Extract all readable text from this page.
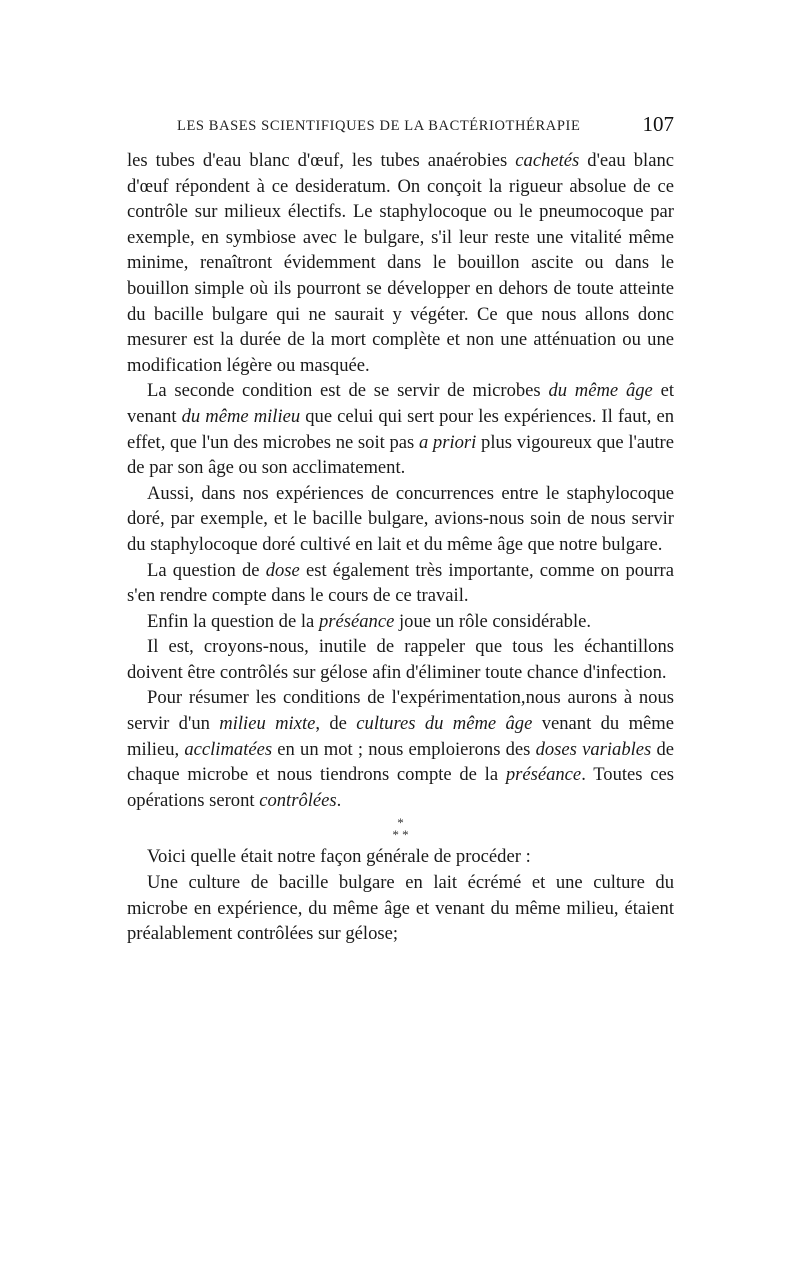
LES BASES SCIENTIFIQUES DE LA BACTÉRIOTHÉRAPIE	107

les tubes d'eau blanc d'œuf, les tubes anaérobies cachetés d'eau blanc d'œuf répondent à ce desideratum. On conçoit la rigueur absolue de ce contrôle sur milieux électifs. Le staphylocoque ou le pneumocoque par exemple, en symbiose avec le bulgare, s'il leur reste une vitalité même minime, renaîtront évidemment dans le bouillon ascite ou dans le bouillon simple où ils pourront se développer en dehors de toute atteinte du bacille bulgare qui ne saurait y végéter. Ce que nous allons donc mesurer est la durée de la mort complète et non une atténuation ou une modification légère ou masquée.

La seconde condition est de se servir de microbes du même âge et venant du même milieu que celui qui sert pour les expériences. Il faut, en effet, que l'un des microbes ne soit pas a priori plus vigoureux que l'autre de par son âge ou son acclimatement.

Aussi, dans nos expériences de concurrences entre le staphylocoque doré, par exemple, et le bacille bulgare, avions-nous soin de nous servir du staphylocoque doré cultivé en lait et du même âge que notre bulgare.

La question de dose est également très importante, comme on pourra s'en rendre compte dans le cours de ce travail.

Enfin la question de la préséance joue un rôle considérable.

Il est, croyons-nous, inutile de rappeler que tous les échantillons doivent être contrôlés sur gélose afin d'éliminer toute chance d'infection.

Pour résumer les conditions de l'expérimentation,nous aurons à nous servir d'un milieu mixte, de cultures du même âge venant du même milieu, acclimatées en un mot ; nous emploierons des doses variables de chaque microbe et nous tiendrons compte de la préséance. Toutes ces opérations seront contrôlées.

*
* *

Voici quelle était notre façon générale de procéder :

Une culture de bacille bulgare en lait écrémé et une culture du microbe en expérience, du même âge et venant du même milieu, étaient préalablement contrôlées sur gélose;
